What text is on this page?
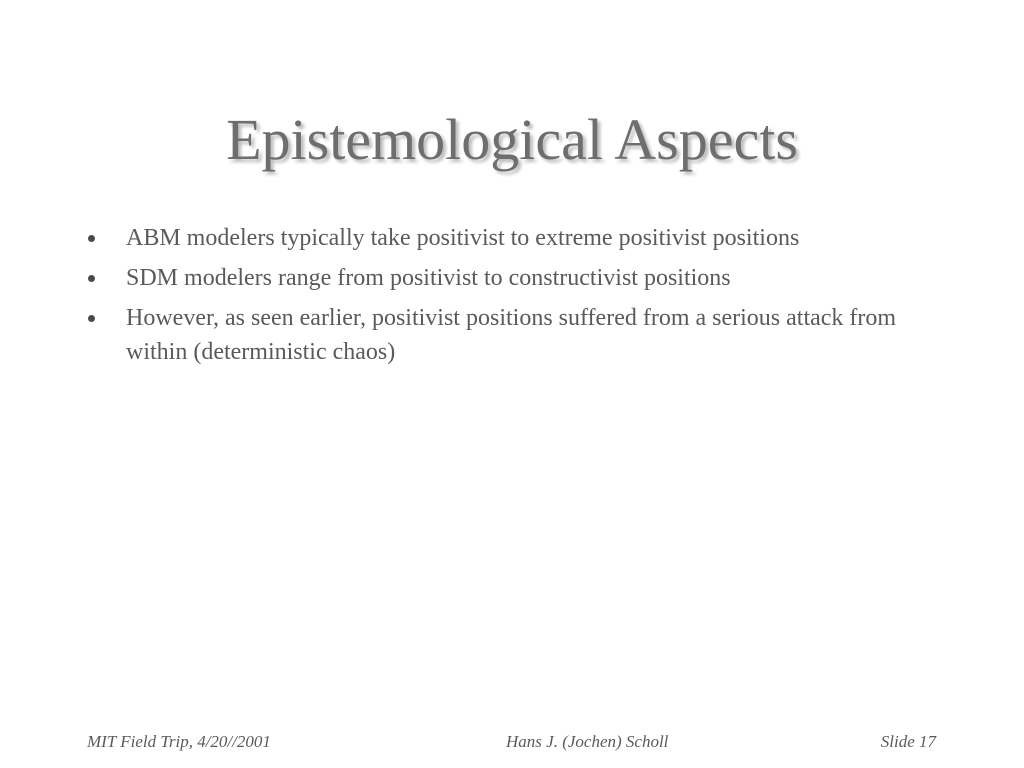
Epistemological Aspects
ABM modelers typically take positivist to extreme positivist positions
SDM modelers range from positivist to constructivist positions
However, as seen earlier, positivist positions suffered from a serious attack from within (deterministic chaos)
MIT Field Trip, 4/20//2001	Hans J. (Jochen) Scholl	Slide 17
